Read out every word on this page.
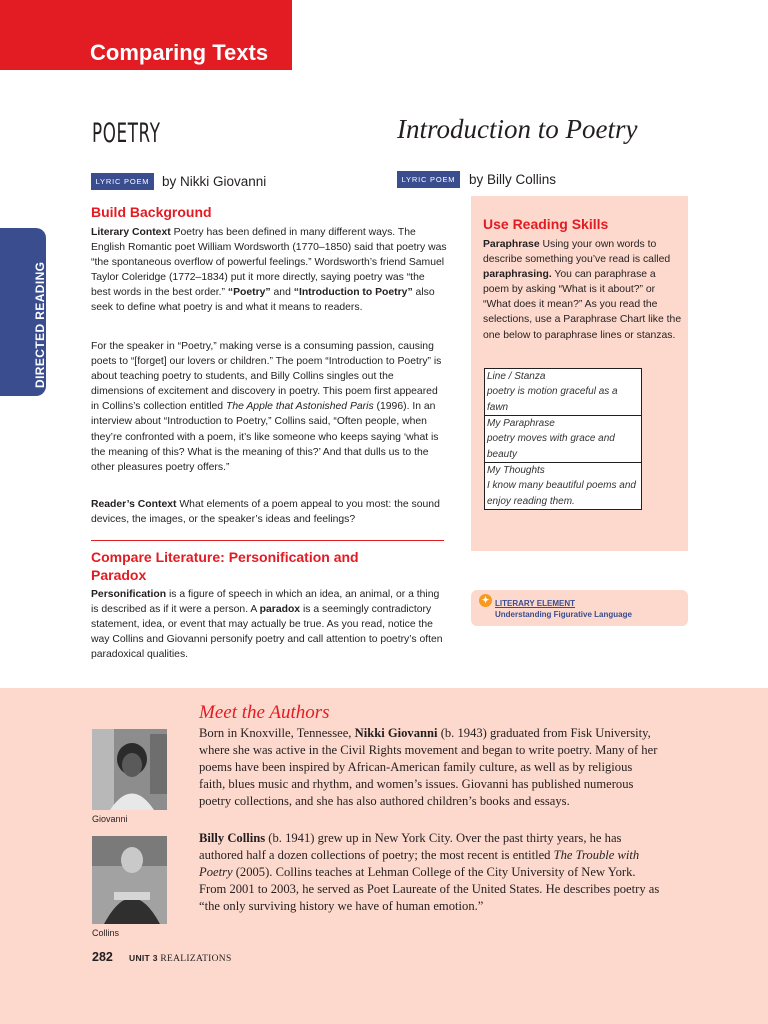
Comparing Texts
DIRECTED READING
POETRY	Introduction to Poetry
LYRIC POEM by Nikki Giovanni	LYRIC POEM	by Billy Collins
Build Background
Literary Context Poetry has been defined in many different ways. The English Romantic poet William Wordsworth (1770–1850) said that poetry was “the spontaneous overflow of powerful feelings.” Wordsworth’s friend Samuel Taylor Coleridge (1772–1834) put it more directly, saying poetry was “the best words in the best order.” “Poetry” and “Introduction to Poetry” also seek to define what poetry is and what it means to readers.
For the speaker in “Poetry,” making verse is a consuming passion, causing poets to “[forget] our lovers or children.” The poem “Introduction to Poetry” is about teaching poetry to students, and Billy Collins singles out the dimensions of excitement and discovery in poetry. This poem first appeared in Collins’s collection entitled The Apple that Astonished Paris (1996). In an interview about “Introduction to Poetry,” Collins said, “Often people, when they’re confronted with a poem, it’s like someone who keeps saying ‘what is the meaning of this? What is the meaning of this?’ And that dulls us to the other pleasures poetry offers.”
Reader’s Context What elements of a poem appeal to you most: the sound devices, the images, or the speaker’s ideas and feelings?
Compare Literature: Personification and Paradox
Personification is a figure of speech in which an idea, an animal, or a thing is described as if it were a person. A paradox is a seemingly contradictory statement, idea, or event that may actually be true. As you read, notice the way Collins and Giovanni personify poetry and call attention to poetry’s often paradoxical qualities.
Use Reading Skills
Paraphrase Using your own words to describe something you’ve read is called paraphrasing. You can paraphrase a poem by asking “What is it about?” or “What does it mean?” As you read the selections, use a Paraphrase Chart like the one below to paraphrase lines or stanzas.
Line / Stanza
poetry is motion graceful as a fawn
My Paraphrase
poetry moves with grace and beauty
My Thoughts
I know many beautiful poems and enjoy reading them.
✦ LITERARY ELEMENT
Understanding Figurative Language
Meet the Authors
Giovanni
Collins
Born in Knoxville, Tennessee, Nikki Giovanni (b. 1943) graduated from Fisk University, where she was active in the Civil Rights movement and began to write poetry. Many of her poems have been inspired by African-American family culture, as well as by religious faith, blues music and rhythm, and women’s issues. Giovanni has published numerous poetry collections, and she has also authored children’s books and essays.
Billy Collins (b. 1941) grew up in New York City. Over the past thirty years, he has authored half a dozen collections of poetry; the most recent is entitled The Trouble with Poetry (2005). Collins teaches at Lehman College of the City University of New York. From 2001 to 2003, he served as Poet Laureate of the United States. He describes poetry as “the only surviving history we have of human emotion.”
282 UNIT 3 REALIZATIONS
